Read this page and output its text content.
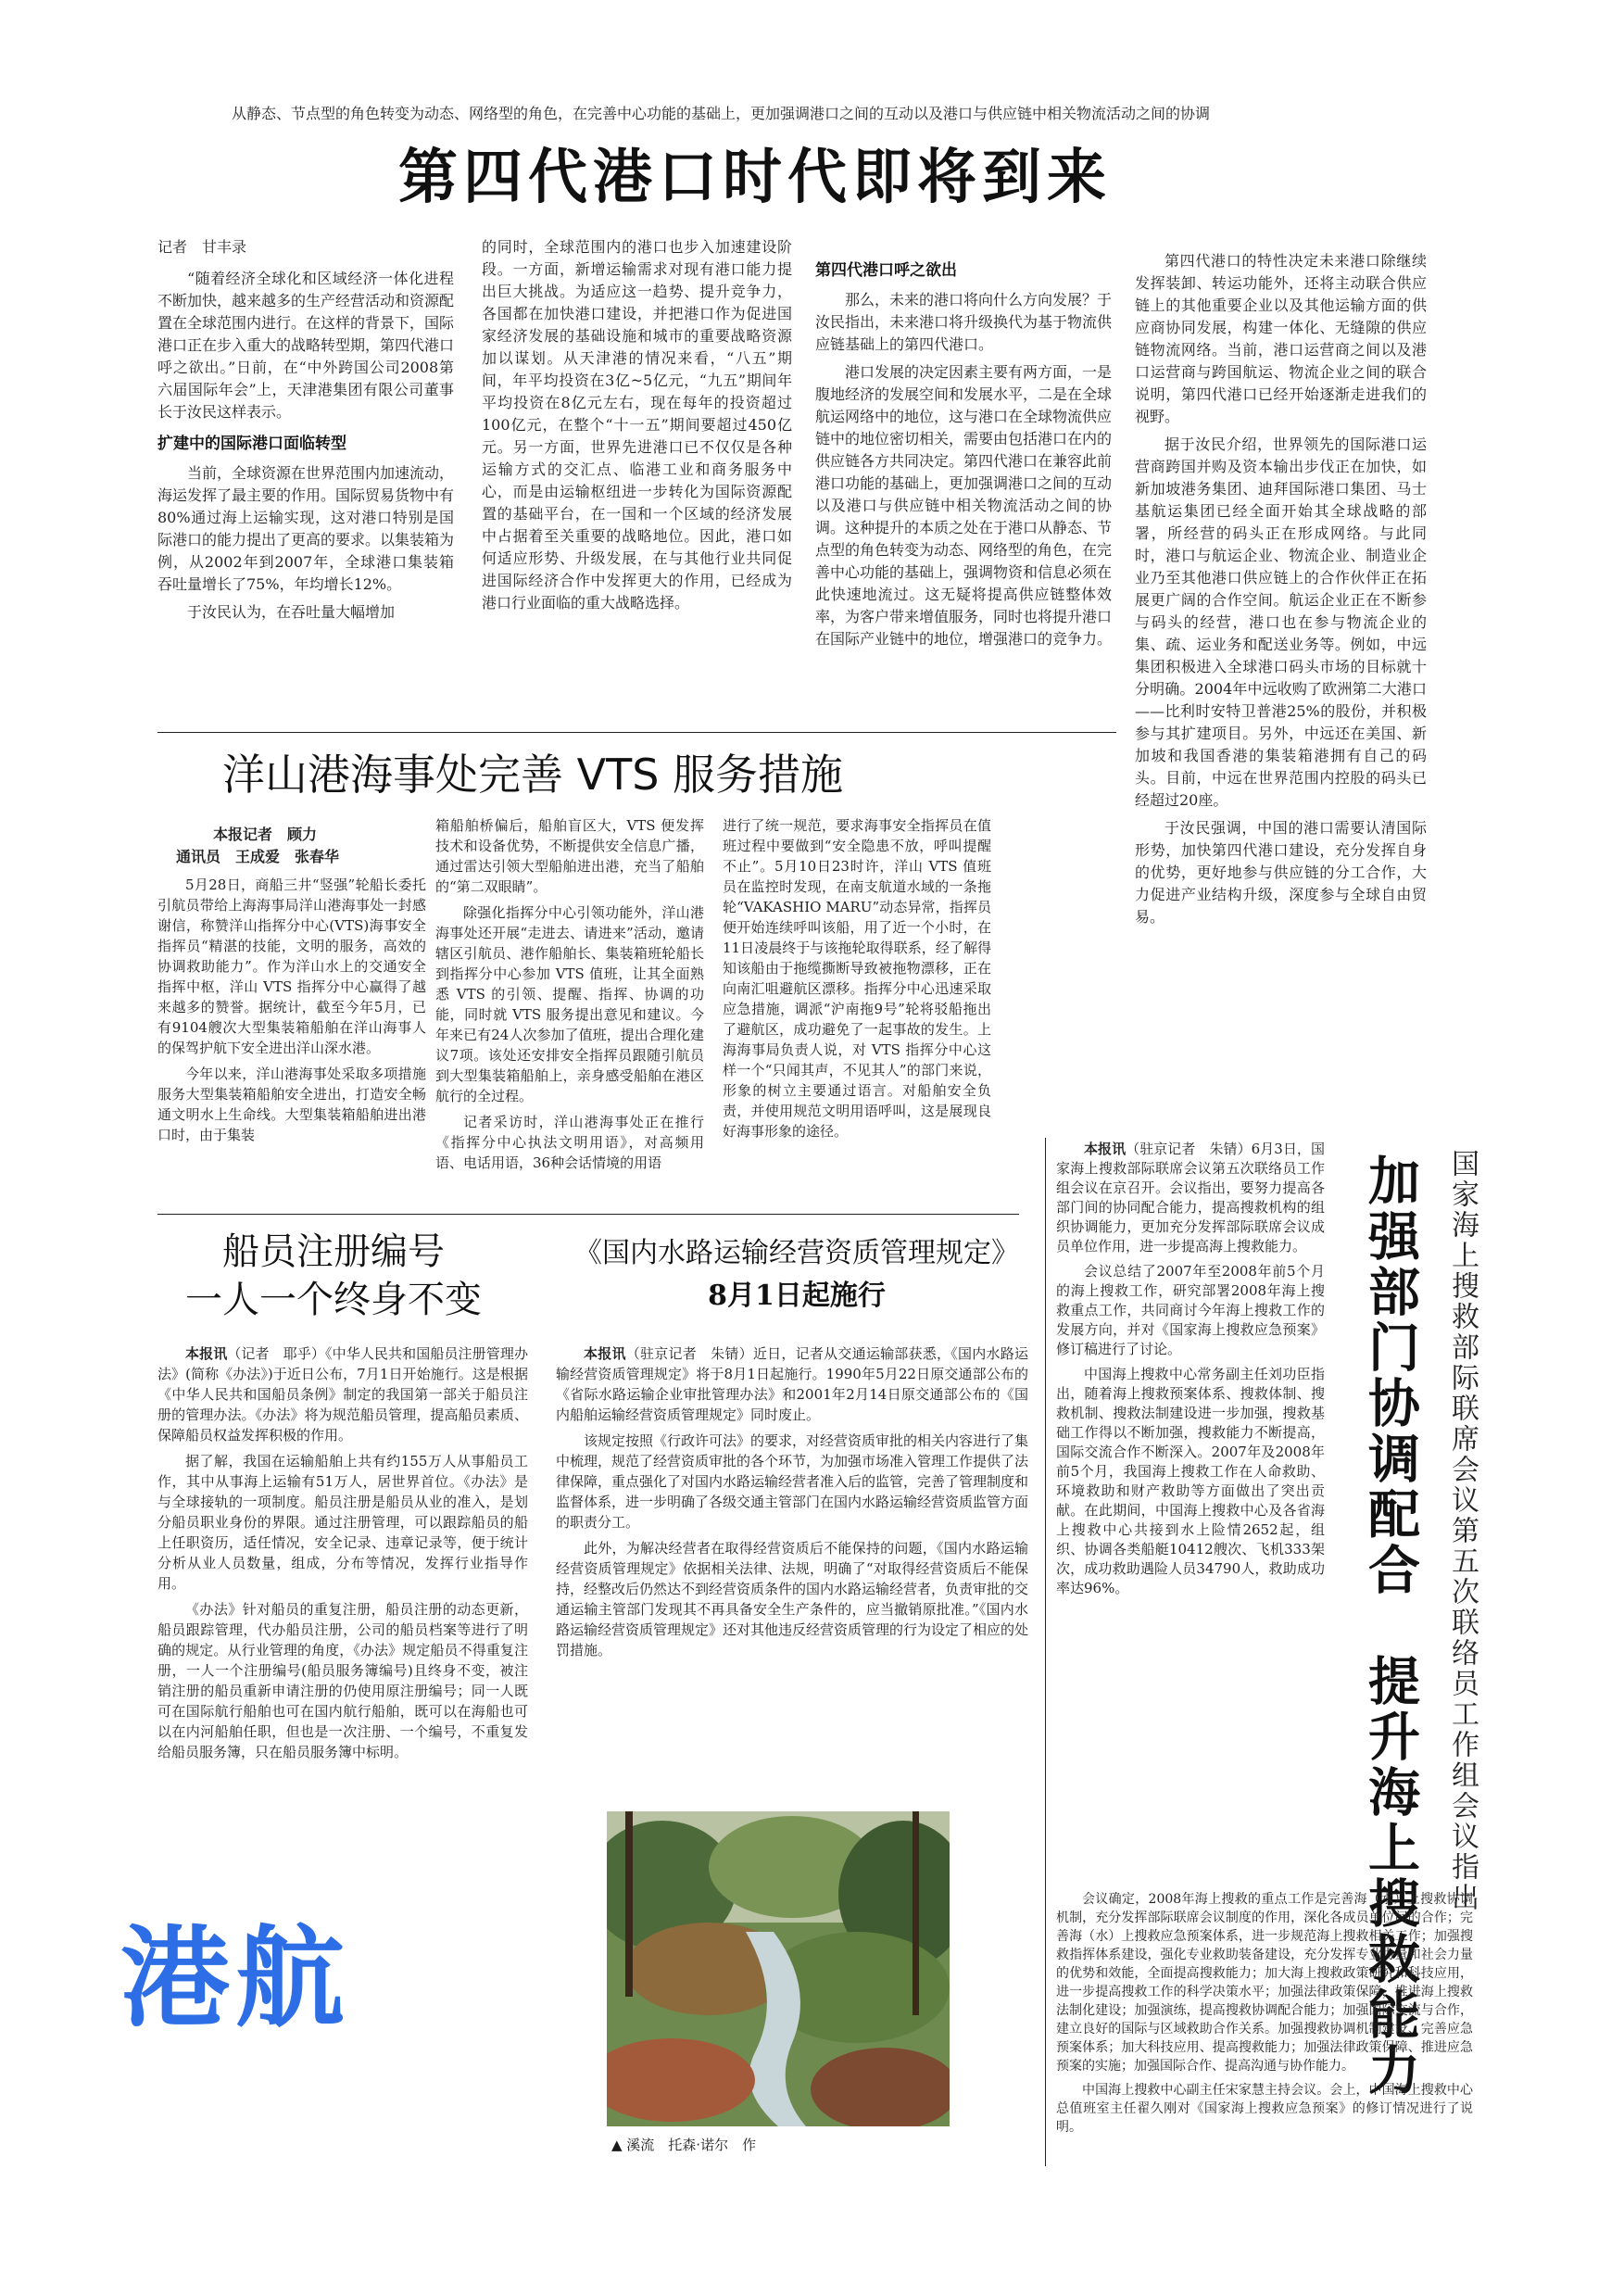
从静态、节点型的角色转变为动态、网络型的角色，在完善中心功能的基础上，更加强调港口之间的互动以及港口与供应链中相关物流活动之间的协调
第四代港口时代即将到来
记者　甘丰录

“随着经济全球化和区域经济一体化进程不断加快，越来越多的生产经营活动和资源配置在全球范围内进行。在这样的背景下，国际港口正在步入重大的战略转型期，第四代港口呼之欲出。”日前，在“中外跨国公司2008第六届国际年会”上，天津港集团有限公司董事长于汝民这样表示。

扩建中的国际港口面临转型

当前，全球资源在世界范围内加速流动，海运发挥了最主要的作用。国际贸易货物中有80%通过海上运输实现，这对港口特别是国际港口的能力提出了更高的要求。以集装箱为例，从2002年到2007年，全球港口集装箱吞吐量增长了75%，年均增长12%。

于汝民认为，在吞吐量大幅增加

的同时，全球范围内的港口也步入加速建设阶段。一方面，新增运输需求对现有港口能力提出巨大挑战。为适应这一趋势、提升竞争力，各国都在加快港口建设，并把港口作为促进国家经济发展的基础设施和城市的重要战略资源加以谋划。从天津港的情况来看，“八五”期间，年平均投资在3亿~5亿元，“九五”期间年平均投资在8亿元左右，现在每年的投资超过100亿元，在整个“十一五”期间要超过450亿元。另一方面，世界先进港口已不仅仅是各种运输方式的交汇点、临港工业和商务服务中心，而是由运输枢纽进一步转化为国际资源配置的基础平台，在一国和一个区域的经济发展中占据着至关重要的战略地位。因此，港口如何适应形势、升级发展，在与其他行业共同促进国际经济合作中发挥更大的作用，已经成为港口行业面临的重大战略选择。

第四代港口呼之欲出

那么，未来的港口将向什么方向发展？于汝民指出，未来港口将升级换代为基于物流供应链基础上的第四代港口。

港口发展的决定因素主要有两方面，一是腹地经济的发展空间和发展水平，二是在全球航运网络中的地位，这与港口在全球物流供应链中的地位密切相关，需要由包括港口在内的供应链各方共同决定。第四代港口在兼容此前港口功能的基础上，更加强调港口之间的互动以及港口与供应链中相关物流活动之间的协调。这种提升的本质之处在于港口从静态、节点型的角色转变为动态、网络型的角色，在完善中心功能的基础上，强调物资和信息必须在此快速地流过。这无疑将提高供应链整体效率，为客户带来增值服务，同时也将提升港口在国际产业链中的地位，增强港口的竞争力。

第四代港口的特性决定未来港口除继续发挥装卸、转运功能外，还将主动联合供应链上的其他重要企业以及其他运输方面的供应商协同发展，构建一体化、无缝隙的供应链物流网络。当前，港口运营商之间以及港口运营商与跨国航运、物流企业之间的联合说明，第四代港口已经开始逐渐走进我们的视野。

据于汝民介绍，世界领先的国际港口运营商跨国并购及资本输出步伐正在加快，如新加坡港务集团、迪拜国际港口集团、马士基航运集团已经全面开始其全球战略的部署，所经营的码头正在形成网络。与此同时，港口与航运企业、物流企业、制造业企业乃至其他港口供应链上的合作伙伴正在拓展更广阔的合作空间。航运企业正在不断参与码头的经营，港口也在参与物流企业的集、疏、运业务和配送业务等。例如，中远集团积极进入全球港口码头市场的目标就十分明确。2004年中远收购了欧洲第二大港口——比利时安特卫普港25%的股份，并积极参与其扩建项目。另外，中远还在美国、新加坡和我国香港的集装箱港拥有自己的码头。目前，中远在世界范围内控股的码头已经超过20座。

于汝民强调，中国的港口需要认清国际形势，加快第四代港口建设，充分发挥自身的优势，更好地参与供应链的分工合作，大力促进产业结构升级，深度参与全球自由贸易。

洋山港海事处完善 VTS 服务措施
本报记者　顾力
通讯员　王成爱　张春华

5月28日，商船三井“竖强”轮船长委托引航员带给上海海事局洋山港海事处一封感谢信，称赞洋山指挥分中心(VTS)海事安全指挥员“精湛的技能，文明的服务，高效的协调救助能力”。作为洋山水上的交通安全指挥中枢，洋山 VTS 指挥分中心赢得了越来越多的赞誉。据统计，截至今年5月，已有9104艘次大型集装箱船舶在洋山海事人的保驾护航下安全进出洋山深水港。

今年以来，洋山港海事处采取多项措施服务大型集装箱船舶安全进出，打造安全畅通文明水上生命线。大型集装箱船舶进出港口时，由于集装

箱船舶桥偏后，船舶盲区大，VTS 便发挥技术和设备优势，不断提供安全信息广播，通过雷达引领大型船舶进出港，充当了船舶的“第二双眼睛”。

除强化指挥分中心引领功能外，洋山港海事处还开展“走进去、请进来”活动，邀请辖区引航员、港作船舶长、集装箱班轮船长到指挥分中心参加 VTS 值班，让其全面熟悉 VTS 的引领、提醒、指挥、协调的功能，同时就 VTS 服务提出意见和建议。今年来已有24人次参加了值班，提出合理化建议7项。该处还安排安全指挥员跟随引航员到大型集装箱船舶上，亲身感受船舶在港区航行的全过程。

记者采访时，洋山港海事处正在推行《指挥分中心执法文明用语》，对高频用语、电话用语，36种会话情境的用语

进行了统一规范，要求海事安全指挥员在值班过程中要做到“安全隐患不放，呼叫提醒不止”。5月10日23时许，洋山 VTS 值班员在监控时发现，在南支航道水域的一条拖轮“VAKASHIO MARU”动态异常，指挥员便开始连续呼叫该船，用了近一个小时，在11日凌晨终于与该拖轮取得联系，经了解得知该船由于拖缆撕断导致被拖物漂移，正在向南汇咀避航区漂移。指挥分中心迅速采取应急措施，调派“沪南拖9号”轮将驳船拖出了避航区，成功避免了一起事故的发生。上海海事局负责人说，对 VTS 指挥分中心这样一个“只闻其声，不见其人”的部门来说，形象的树立主要通过语言。对船舶安全负责，并使用规范文明用语呼叫，这是展现良好海事形象的途径。

船员注册编号
一人一个终身不变

本报讯（记者　耶乎）《中华人民共和国船员注册管理办法》(简称《办法》)于近日公布，7月1日开始施行。这是根据《中华人民共和国船员条例》制定的我国第一部关于船员注册的管理办法。《办法》将为规范船员管理，提高船员素质、保障船员权益发挥积极的作用。

据了解，我国在运输船舶上共有约155万人从事船员工作，其中从事海上运输有51万人，居世界首位。《办法》是与全球接轨的一项制度。船员注册是船员从业的准入，是划分船员职业身份的界限。通过注册管理，可以跟踪船员的船上任职资历，适任情况，安全记录、违章记录等，便于统计分析从业人员数量，组成，分布等情况，发挥行业指导作用。

《办法》针对船员的重复注册，船员注册的动态更新，船员跟踪管理，代办船员注册，公司的船员档案等进行了明确的规定。从行业管理的角度，《办法》规定船员不得重复注册，一人一个注册编号(船员服务簿编号)且终身不变，被注销注册的船员重新申请注册的仍使用原注册编号；同一人既可在国际航行船舶也可在国内航行船舶，既可以在海船也可以在内河船舶任职，但也是一次注册、一个编号，不重复发给船员服务簿，只在船员服务簿中标明。

《国内水路运输经营资质管理规定》
8月1日起施行

本报讯（驻京记者　朱锖）近日，记者从交通运输部获悉，《国内水路运输经营资质管理规定》将于8月1日起施行。1990年5月22日原交通部公布的《省际水路运输企业审批管理办法》和2001年2月14日原交通部公布的《国内船舶运输经营资质管理规定》同时废止。

该规定按照《行政许可法》的要求，对经营资质审批的相关内容进行了集中梳理，规范了经营资质审批的各个环节，为加强市场准入管理工作提供了法律保障，重点强化了对国内水路运输经营者准入后的监管，完善了管理制度和监督体系，进一步明确了各级交通主管部门在国内水路运输经营资质监管方面的职责分工。

此外，为解决经营者在取得经营资质后不能保持的问题，《国内水路运输经营资质管理规定》依据相关法律、法规，明确了“对取得经营资质后不能保持，经整改后仍然达不到经营资质条件的国内水路运输经营者，负责审批的交通运输主管部门发现其不再具备安全生产条件的，应当撤销原批准。”《国内水路运输经营资质管理规定》还对其他违反经营资质管理的行为设定了相应的处罚措施。

▲ 溪流　托森·诺尔　作
国家海上搜救部际联席会议第五次联络员工作组会议指出
加强部门协调配合　提升海上搜救能力

本报讯（驻京记者　朱锖）6月3日，国家海上搜救部际联席会议第五次联络员工作组会议在京召开。会议指出，要努力提高各部门间的协同配合能力，提高搜救机构的组织协调能力，更加充分发挥部际联席会议成员单位作用，进一步提高海上搜救能力。

会议总结了2007年至2008年前5个月的海上搜救工作，研究部署2008年海上搜救重点工作，共同商讨今年海上搜救工作的发展方向，并对《国家海上搜救应急预案》修订稿进行了讨论。

中国海上搜救中心常务副主任刘功臣指出，随着海上搜救预案体系、搜救体制、搜救机制、搜救法制建设进一步加强，搜救基础工作得以不断加强，搜救能力不断提高，国际交流合作不断深入。2007年及2008年前5个月，我国海上搜救工作在人命救助、环境救助和财产救助等方面做出了突出贡献。在此期间，中国海上搜救中心及各省海上搜救中心共接到水上险情2652起，组织、协调各类船艇10412艘次、飞机333架次，成功救助遇险人员34790人，救助成功率达96%。

会议确定，2008年海上搜救的重点工作是完善海（水）上搜救协调机制，充分发挥部际联席会议制度的作用，深化各成员单位间的合作；完善海（水）上搜救应急预案体系，进一步规范海上搜救相关工作；加强搜救指挥体系建设，强化专业救助装备建设，充分发挥专业力量和社会力量的优势和效能，全面提高搜救能力；加大海上搜救政策研究和科技应用，进一步提高搜救工作的科学决策水平；加强法律政策保障，推进海上搜救法制化建设；加强演练，提高搜救协调配合能力；加强国际交流与合作，建立良好的国际与区域救助合作关系。加强搜救协调机制建设、完善应急预案体系；加大科技应用、提高搜救能力；加强法律政策保障、推进应急预案的实施；加强国际合作、提高沟通与协作能力。

中国海上搜救中心副主任宋家慧主持会议。会上，中国海上搜救中心总值班室主任翟久刚对《国家海上搜救应急预案》的修订情况进行了说明。

港航
